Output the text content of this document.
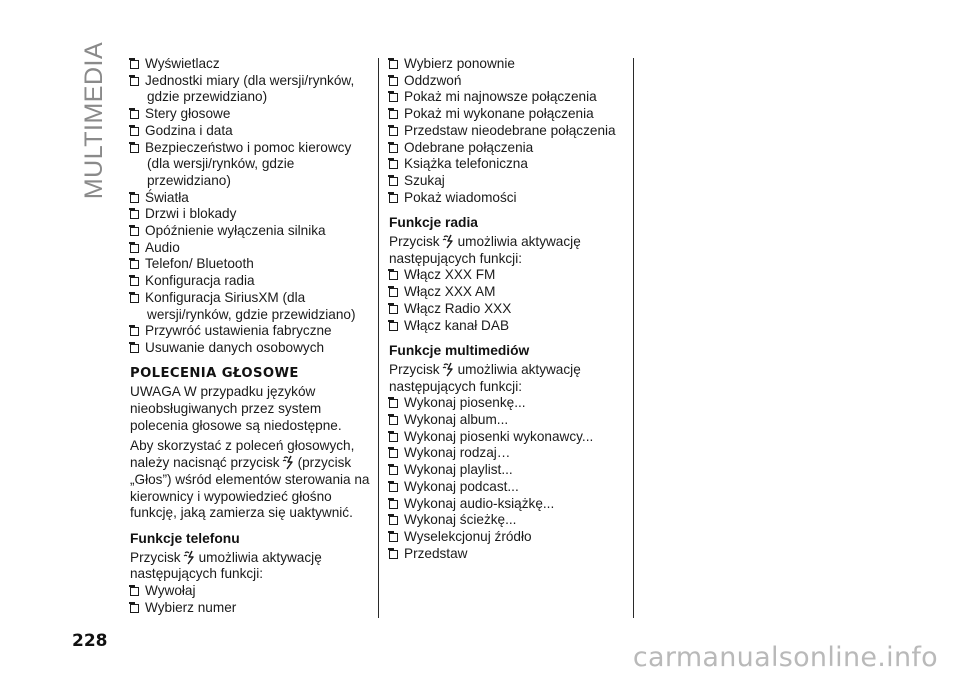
MULTIMEDIA	Wyświetlacz
Jednostki miary (dla wersji/rynków, gdzie przewidziano)
Stery głosowe
Godzina i data
Bezpieczeństwo i pomoc kierowcy (dla wersji/rynków, gdzie przewidziano)
Światła
Drzwi i blokady
Opóźnienie wyłączenia silnika
Audio
Telefon/ Bluetooth
Konfiguracja radia
Konfiguracja SiriusXM (dla wersji/rynków, gdzie przewidziano)
Przywróć ustawienia fabryczne
Usuwanie danych osobowych
POLECENIA GŁOSOWE

UWAGA W przypadku języków nieobsługiwanych przez system polecenia głosowe są niedostępne.

Aby skorzystać z poleceń głosowych, należy nacisnąć przycisk (przycisk „Głos”) wśród elementów sterowania na kierownicy i wypowiedzieć głośno funkcję, jaką zamierza się uaktywnić.

Funkcje telefonu

Przycisk umożliwia aktywację następujących funkcji:

Wywołaj
Wybierz numer
Wybierz ponownie
Oddzwoń
Pokaż mi najnowsze połączenia
Pokaż mi wykonane połączenia
Przedstaw nieodebrane połączenia
Odebrane połączenia
Książka telefoniczna
Szukaj
Pokaż wiadomości
Funkcje radia

Przycisk umożliwia aktywację następujących funkcji:

Włącz XXX FM
Włącz XXX AM
Włącz Radio XXX
Włącz kanał DAB
Funkcje multimediów

Przycisk umożliwia aktywację następujących funkcji:

Wykonaj piosenkę...
Wykonaj album...
Wykonaj piosenki wykonawcy...
Wykonaj rodzaj…
Wykonaj playlist...
Wykonaj podcast...
Wykonaj audio-książkę...
Wykonaj ścieżkę...
Wyselekcjonuj źródło
Przedstaw
228
carmanualsonline.info
